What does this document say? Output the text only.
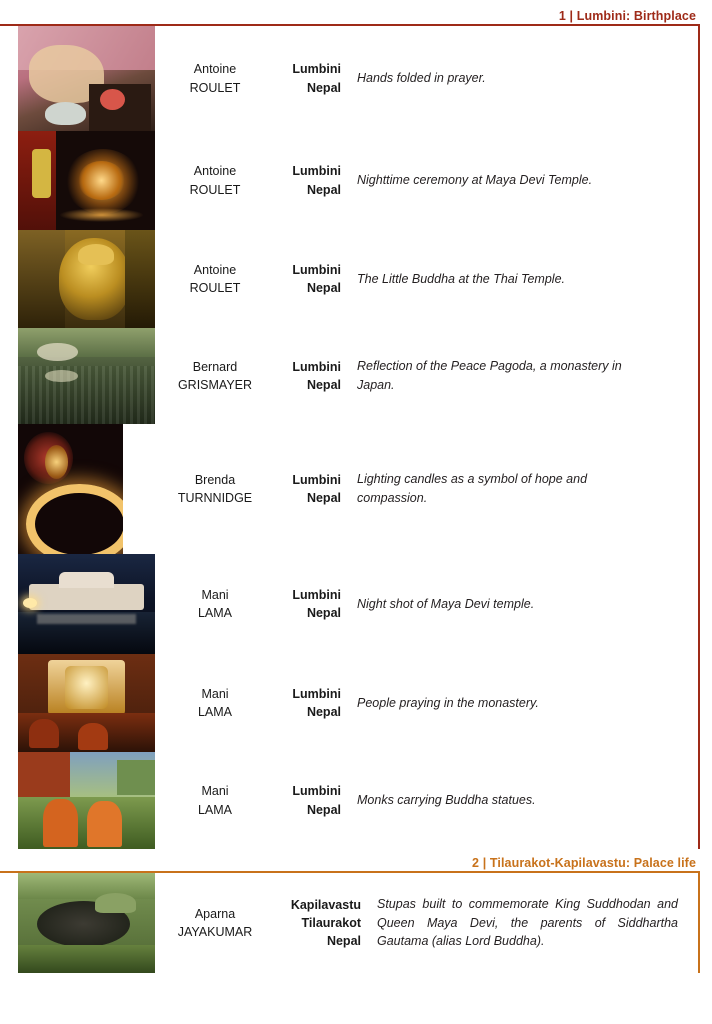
1 | Lumbini: Birthplace
Antoine
ROULET
Lumbini
Nepal
Hands folded in prayer.
Antoine
ROULET
Lumbini
Nepal
Nighttime ceremony at Maya Devi Temple.
Antoine
ROULET
Lumbini
Nepal
The Little Buddha at the Thai Temple.
Bernard
GRISMAYER
Lumbini
Nepal
Reflection of the Peace Pagoda, a monastery in Japan.
Brenda
TURNNIDGE
Lumbini
Nepal
Lighting candles as a symbol of hope and compassion.
Mani
LAMA
Lumbini
Nepal
Night shot of Maya Devi temple.
Mani
LAMA
Lumbini
Nepal
People praying in the monastery.
Mani
LAMA
Lumbini
Nepal
Monks carrying Buddha statues.
2 | Tilaurakot-Kapilavastu: Palace life
Aparna
JAYAKUMAR
Kapilavastu
Tilaurakot
Nepal
Stupas built to commemorate King Suddhodan and Queen Maya Devi, the parents of Siddhartha Gautama (alias Lord Buddha).
